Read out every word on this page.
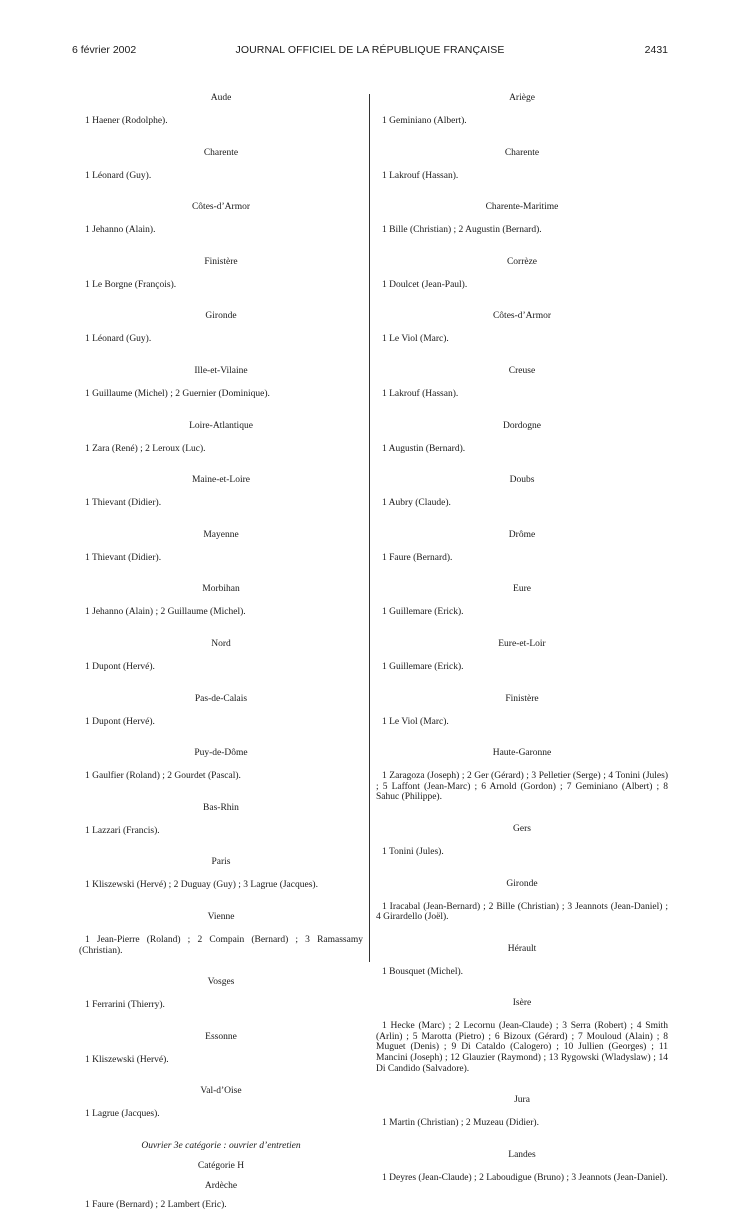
6 février 2002	JOURNAL OFFICIEL DE LA RÉPUBLIQUE FRANÇAISE	2431
Aude
1 Haener (Rodolphe).
Charente
1 Léonard (Guy).
Côtes-d’Armor
1 Jehanno (Alain).
Finistère
1 Le Borgne (François).
Gironde
1 Léonard (Guy).
Ille-et-Vilaine
1 Guillaume (Michel) ; 2 Guernier (Dominique).
Loire-Atlantique
1 Zara (René) ; 2 Leroux (Luc).
Maine-et-Loire
1 Thievant (Didier).
Mayenne
1 Thievant (Didier).
Morbihan
1 Jehanno (Alain) ; 2 Guillaume (Michel).
Nord
1 Dupont (Hervé).
Pas-de-Calais
1 Dupont (Hervé).
Puy-de-Dôme
1 Gaulfier (Roland) ; 2 Gourdet (Pascal).
Bas-Rhin
1 Lazzari (Francis).
Paris
1 Kliszewski (Hervé) ; 2 Duguay (Guy) ; 3 Lagrue (Jacques).
Vienne
1 Jean-Pierre (Roland) ; 2 Compain (Bernard) ; 3 Ramassamy (Christian).
Vosges
1 Ferrarini (Thierry).
Essonne
1 Kliszewski (Hervé).
Val-d’Oise
1 Lagrue (Jacques).
Ouvrier 3e catégorie : ouvrier d’entretien
Catégorie H
Ardèche
1 Faure (Bernard) ; 2 Lambert (Eric).
Ariège
1 Geminiano (Albert).
Charente
1 Lakrouf (Hassan).
Charente-Maritime
1 Bille (Christian) ; 2 Augustin (Bernard).
Corrèze
1 Doulcet (Jean-Paul).
Côtes-d’Armor
1 Le Viol (Marc).
Creuse
1 Lakrouf (Hassan).
Dordogne
1 Augustin (Bernard).
Doubs
1 Aubry (Claude).
Drôme
1 Faure (Bernard).
Eure
1 Guillemare (Erick).
Eure-et-Loir
1 Guillemare (Erick).
Finistère
1 Le Viol (Marc).
Haute-Garonne
1 Zaragoza (Joseph) ; 2 Ger (Gérard) ; 3 Pelletier (Serge) ; 4 Tonini (Jules) ; 5 Laffont (Jean-Marc) ; 6 Arnold (Gordon) ; 7 Geminiano (Albert) ; 8 Sahuc (Philippe).
Gers
1 Tonini (Jules).
Gironde
1 Iracabal (Jean-Bernard) ; 2 Bille (Christian) ; 3 Jeannots (Jean-Daniel) ; 4 Girardello (Joël).
Hérault
1 Bousquet (Michel).
Isère
1 Hecke (Marc) ; 2 Lecornu (Jean-Claude) ; 3 Serra (Robert) ; 4 Smith (Arlin) ; 5 Marotta (Pietro) ; 6 Bizoux (Gérard) ; 7 Mouloud (Alain) ; 8 Muguet (Denis) ; 9 Di Cataldo (Calogero) ; 10 Jullien (Georges) ; 11 Mancini (Joseph) ; 12 Glauzier (Raymond) ; 13 Rygowski (Wladyslaw) ; 14 Di Candido (Salvadore).
Jura
1 Martin (Christian) ; 2 Muzeau (Didier).
Landes
1 Deyres (Jean-Claude) ; 2 Laboudigue (Bruno) ; 3 Jeannots (Jean-Daniel).
